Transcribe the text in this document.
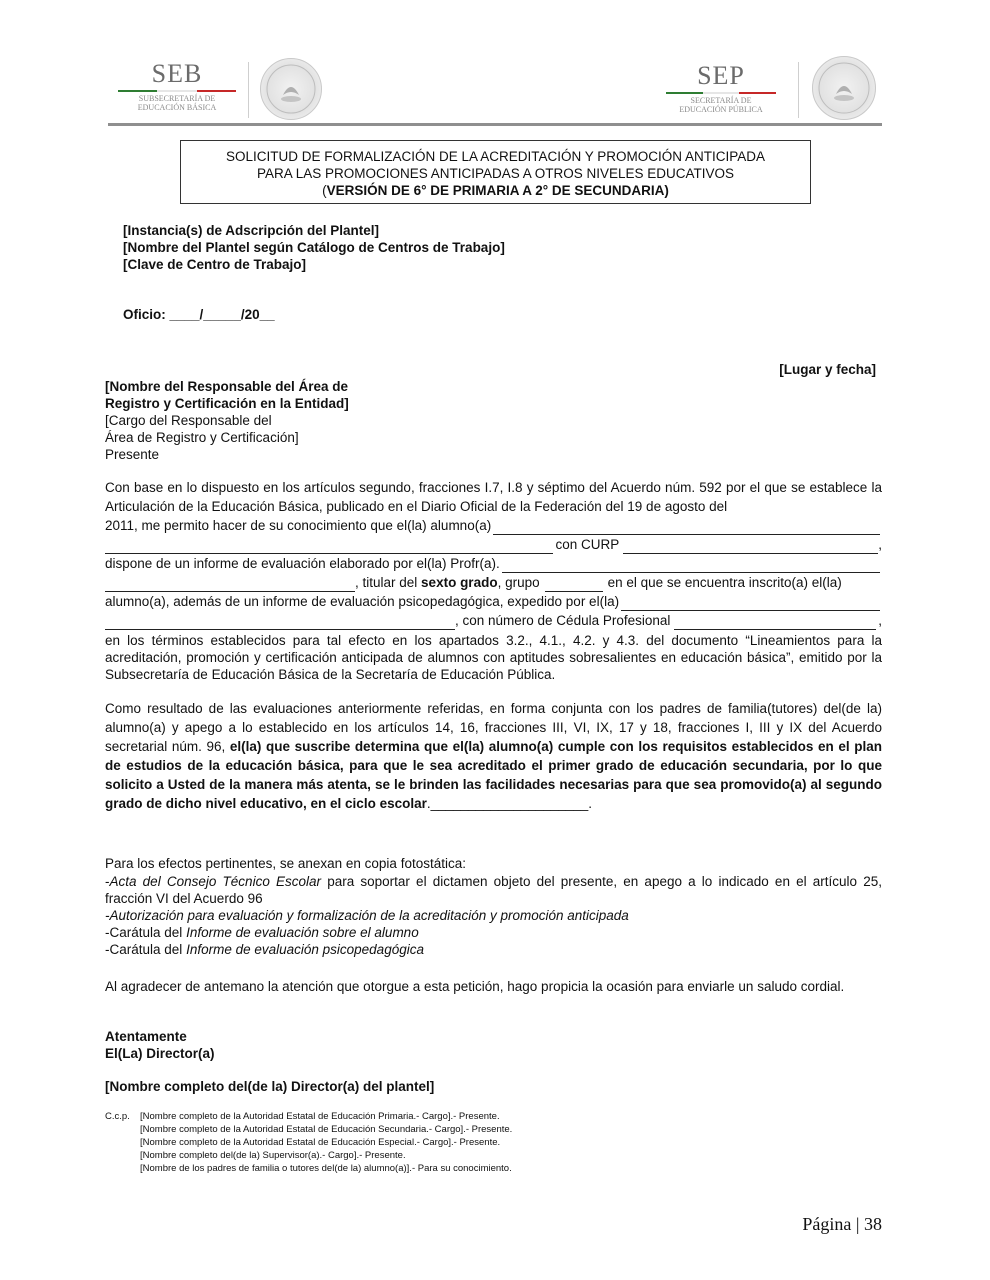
SEB
SUBSECRETARÍA DE
EDUCACIÓN BÁSICA
SEP
SECRETARÍA DE
EDUCACIÓN PÚBLICA
SOLICITUD DE FORMALIZACIÓN DE LA ACREDITACIÓN Y PROMOCIÓN ANTICIPADA
PARA LAS PROMOCIONES ANTICIPADAS A OTROS NIVELES EDUCATIVOS
(VERSIÓN DE 6° DE PRIMARIA A 2° DE SECUNDARIA)
[Instancia(s) de Adscripción del Plantel]
[Nombre del Plantel según Catálogo de Centros de Trabajo]
[Clave de Centro de Trabajo]
Oficio: ____/_____/20__
[Lugar y fecha]
[Nombre del Responsable del Área de
Registro y Certificación en la Entidad]
[Cargo del Responsable del
Área de Registro y Certificación]
Presente
Con base en lo dispuesto en los artículos segundo, fracciones I.7, I.8 y séptimo del Acuerdo núm. 592 por el que se establece la Articulación de la Educación Básica, publicado en el Diario Oficial de la Federación del 19 de agosto del
2011, me permito hacer de su conocimiento que el(la) alumno(a)
con CURP	,
dispone de un informe de evaluación elaborado por el(la) Profr(a).
, titular del
sexto grado , grupo	en el que se encuentra inscrito(a) el(la)
alumno(a), además de un informe de evaluación psicopedagógica, expedido por el(la)
, con número de Cédula Profesional	,
en los términos establecidos para tal efecto en los apartados 3.2., 4.1., 4.2. y 4.3. del documento “Lineamientos para la acreditación, promoción y certificación anticipada de alumnos con aptitudes sobresalientes en educación básica”, emitido por la Subsecretaría de Educación Básica de la Secretaría de Educación Pública.
Como resultado de las evaluaciones anteriormente referidas, en forma conjunta con los padres de familia(tutores) del(de la) alumno(a) y apego a lo establecido en los artículos 14, 16, fracciones III, VI, IX, 17 y 18, fracciones I, III y IX del Acuerdo secretarial núm. 96, el(la) que suscribe determina que el(la) alumno(a) cumple con los requisitos establecidos en el plan de estudios de la educación básica, para que le sea acreditado el primer grado de educación secundaria, por lo que solicito a Usted de la manera más atenta, se le brinden las facilidades necesarias para que sea promovido(a) al segundo grado de dicho nivel educativo, en el ciclo escolar._____________________.
Para los efectos pertinentes, se anexan en copia fotostática:
-Acta del Consejo Técnico Escolar para soportar el dictamen objeto del presente, en apego a lo indicado en el artículo 25, fracción VI del Acuerdo 96
-Autorización para evaluación y formalización de la acreditación y promoción anticipada
-Carátula del Informe de evaluación sobre el alumno
-Carátula del Informe de evaluación psicopedagógica
Al agradecer de antemano la atención que otorgue a esta petición, hago propicia la ocasión para enviarle un saludo cordial.
Atentamente
El(La) Director(a)
[Nombre completo del(de la) Director(a) del plantel]
C.c.p.	[Nombre completo de la Autoridad Estatal de Educación Primaria.- Cargo].- Presente.
[Nombre completo de la Autoridad Estatal de Educación Secundaria.- Cargo].- Presente.
[Nombre completo de la Autoridad Estatal de Educación Especial.- Cargo].- Presente.
[Nombre completo del(de la) Supervisor(a).- Cargo].- Presente.
[Nombre de los padres de familia o tutores del(de la) alumno(a)].- Para su conocimiento.
Página | 38
